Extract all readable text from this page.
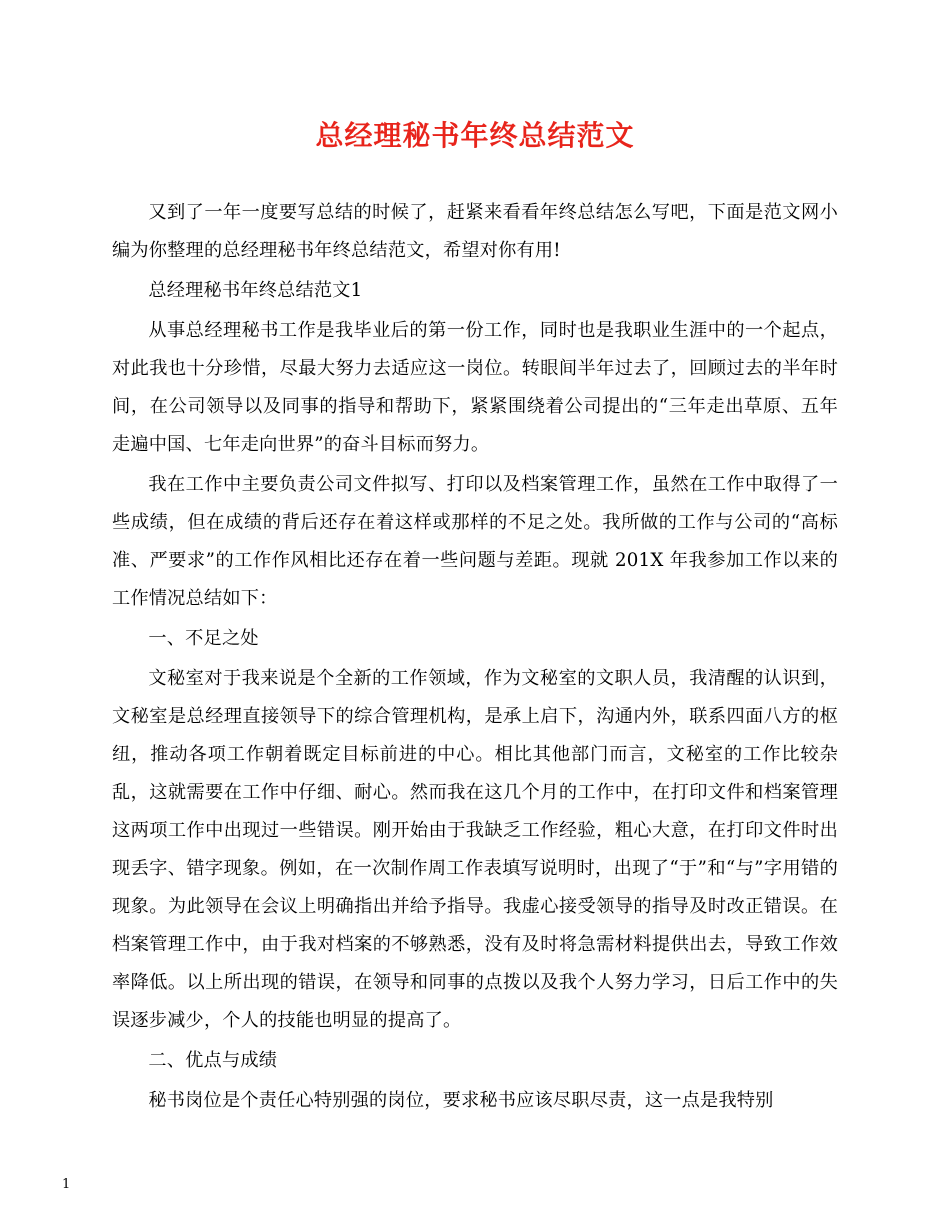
总经理秘书年终总结范文

又到了一年一度要写总结的时候了，赶紧来看看年终总结怎么写吧，下面是范文网小编为你整理的总经理秘书年终总结范文，希望对你有用!

总经理秘书年终总结范文1

从事总经理秘书工作是我毕业后的第一份工作，同时也是我职业生涯中的一个起点，对此我也十分珍惜，尽最大努力去适应这一岗位。转眼间半年过去了，回顾过去的半年时间，在公司领导以及同事的指导和帮助下，紧紧围绕着公司提出的“三年走出草原、五年走遍中国、七年走向世界”的奋斗目标而努力。

我在工作中主要负责公司文件拟写、打印以及档案管理工作，虽然在工作中取得了一些成绩，但在成绩的背后还存在着这样或那样的不足之处。我所做的工作与公司的“高标准、严要求”的工作作风相比还存在着一些问题与差距。现就 201X 年我参加工作以来的工作情况总结如下：

一、不足之处

文秘室对于我来说是个全新的工作领域，作为文秘室的文职人员，我清醒的认识到，文秘室是总经理直接领导下的综合管理机构，是承上启下，沟通内外，联系四面八方的枢纽，推动各项工作朝着既定目标前进的中心。相比其他部门而言，文秘室的工作比较杂乱，这就需要在工作中仔细、耐心。然而我在这几个月的工作中，在打印文件和档案管理这两项工作中出现过一些错误。刚开始由于我缺乏工作经验，粗心大意，在打印文件时出现丢字、错字现象。例如，在一次制作周工作表填写说明时，出现了“于”和“与”字用错的现象。为此领导在会议上明确指出并给予指导。我虚心接受领导的指导及时改正错误。在档案管理工作中，由于我对档案的不够熟悉，没有及时将急需材料提供出去，导致工作效率降低。以上所出现的错误，在领导和同事的点拨以及我个人努力学习，日后工作中的失误逐步减少，个人的技能也明显的提高了。

二、优点与成绩

秘书岗位是个责任心特别强的岗位，要求秘书应该尽职尽责，这一点是我特别

1
